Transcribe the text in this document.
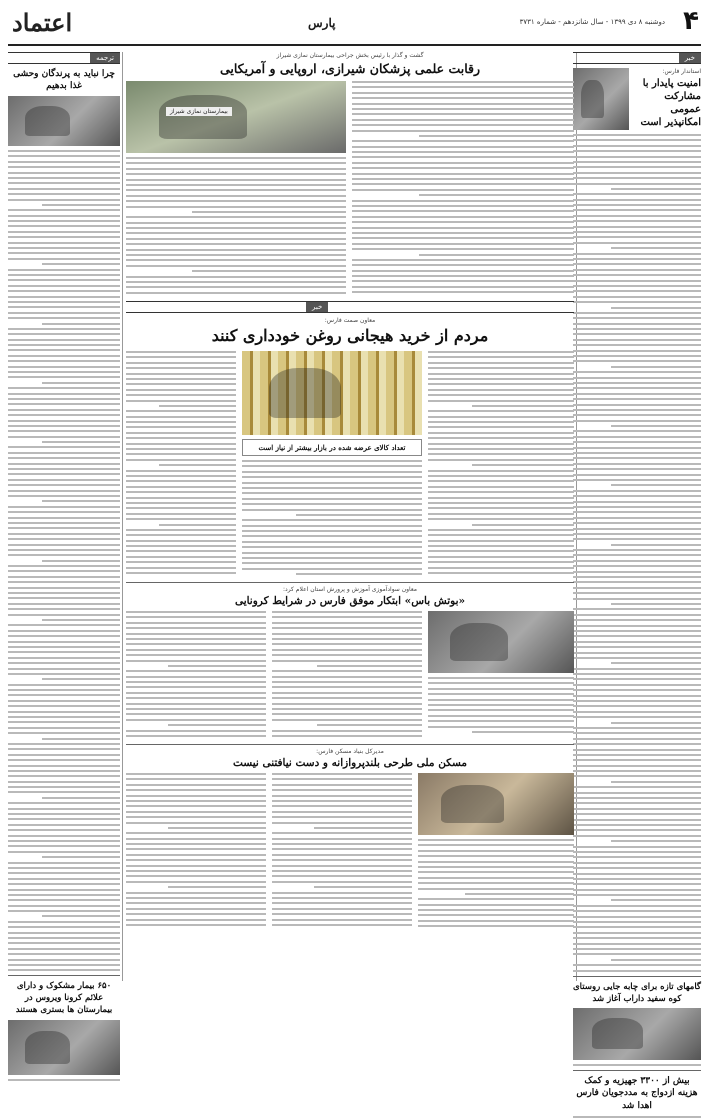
اعتماد	پارس	دوشنبه ۸ دی ۱۳۹۹ - سال شانزدهم - شماره ۳۷۳۱ ۴
خبر
استاندار فارس:
امنیت پایدار با مشارکت عمومی امکانپذیر است
گامهای تازه برای چابه جایی روستای کوه سفید داراب آغاز شد
بیش از ۳۳۰۰ جهیزیه و کمک هزینه ازدواج به مددجویان فارس اهدا شد
ترجمه
چرا نباید به پرندگان وحشی غذا بدهیم
۶۵۰ بیمار مشکوک و دارای علائم کرونا ویروس در بیمارستان ها بستری هستند
گشت و گذار با رئیس بخش جراحی بیمارستان نمازی شیراز
رقابت علمی پزشکان شیرازی، اروپایی و آمریکایی
بیمارستان نمازی شیراز
خبر
معاون صمت فارس:
مردم از خرید هیجانی روغن خودداری کنند
تعداد کالای عرضه شده در بازار بیشتر از نیاز است
معاون سوادآموزی آموزش و پرورش استان اعلام کرد:
«بوتش باس» ابتکار موفق فارس در شرایط کرونایی
مدیرکل بنیاد مسکن فارس:
مسکن ملی طرحی بلندپروازانه و دست نیافتنی نیست
